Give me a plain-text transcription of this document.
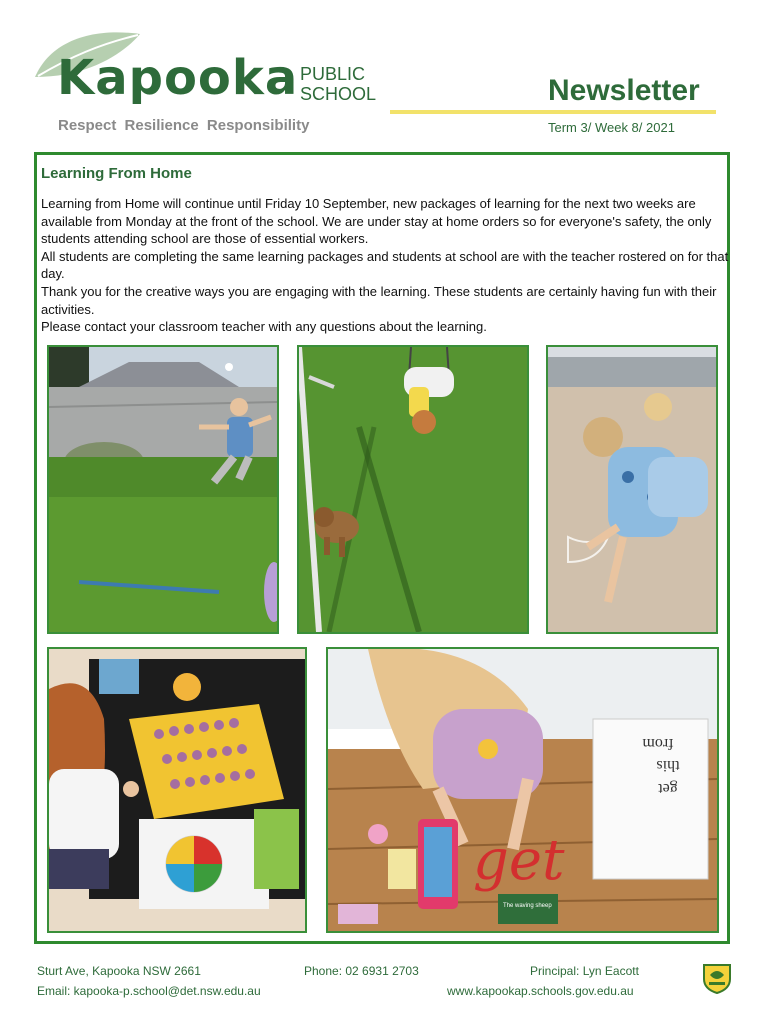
Kapooka PUBLIC
SCHOOL
Respect Resilience Responsibility
Newsletter
Term 3/ Week 8/ 2021
Learning From Home

Learning from Home will continue until Friday 10 September, new packages of learning for the next two weeks are available from Monday at the front of the school. We are under stay at home orders so for everyone's safety, the only students attending school are those of essential workers.

All students are completing the same learning packages and students at school are with the teacher rostered on for that day.

Thank you for the creative ways you are engaging with the learning. These students are certainly having fun with their activities.

Please contact your classroom teacher with any questions about the learning.

get
this
from
get
The waving sheep
Sturt Ave, Kapooka NSW 2661
Email: kapooka-p.school@det.nsw.edu.au
Phone: 02 6931 2703	Principal: Lyn Eacott
www.kapookap.schools.gov.edu.au
